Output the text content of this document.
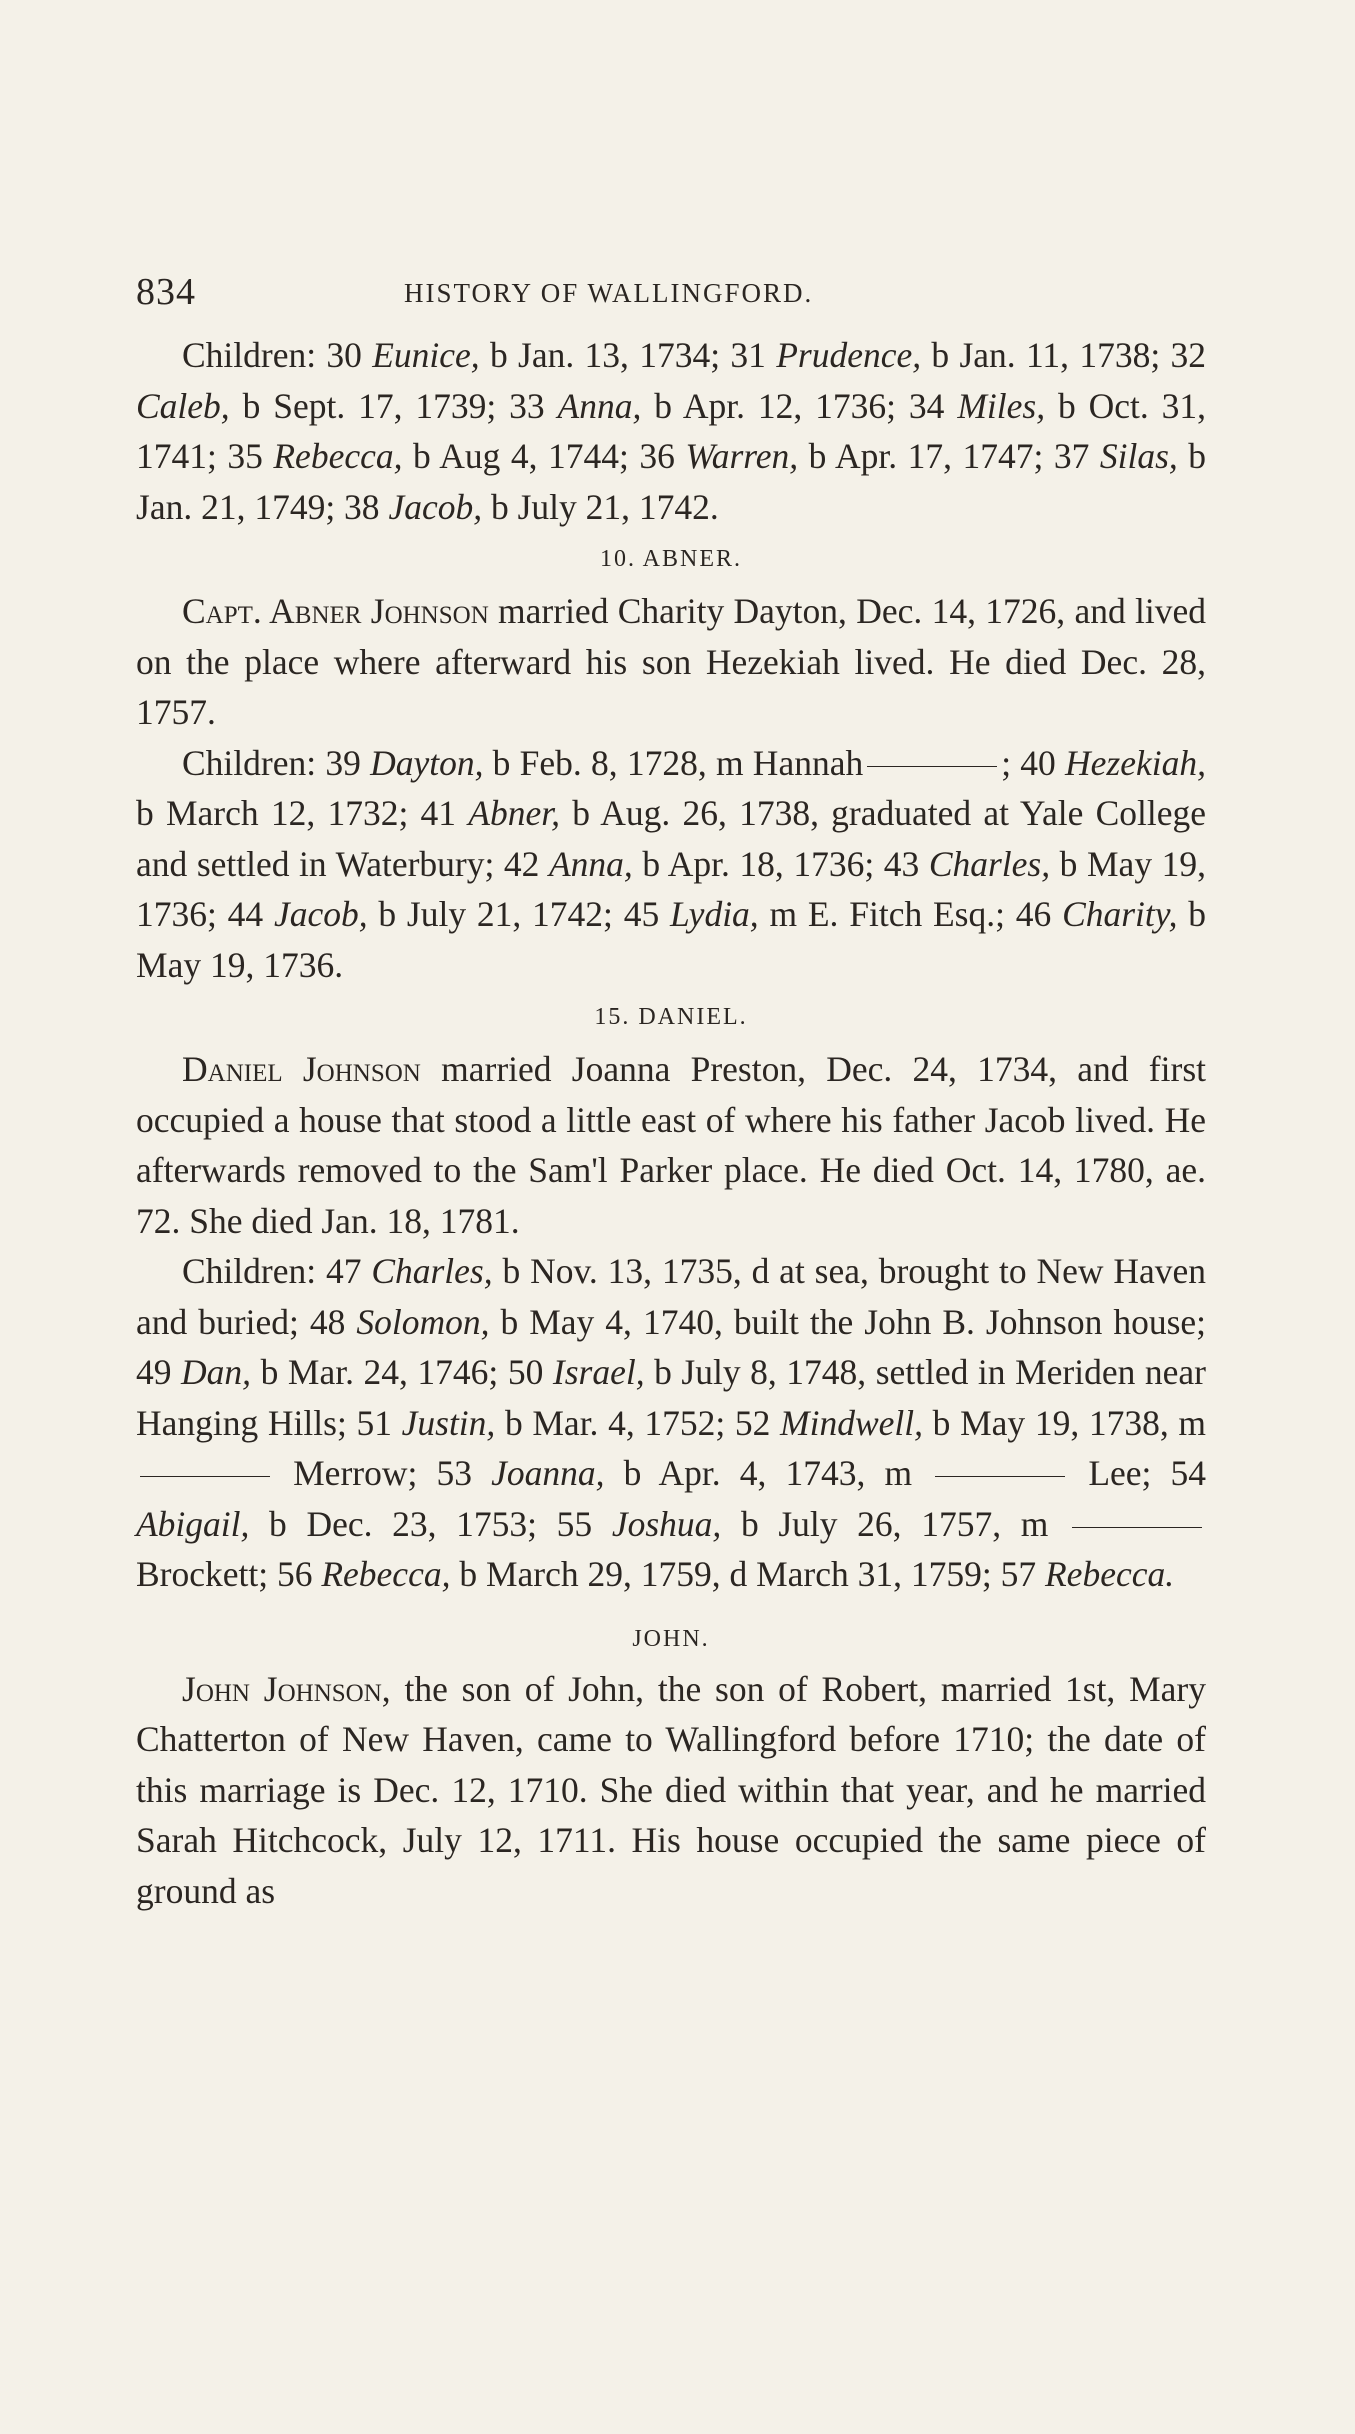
834	HISTORY OF WALLINGFORD.

Children: 30 Eunice, b Jan. 13, 1734; 31 Prudence, b Jan. 11, 1738; 32 Caleb, b Sept. 17, 1739; 33 Anna, b Apr. 12, 1736; 34 Miles, b Oct. 31, 1741; 35 Rebecca, b Aug 4, 1744; 36 Warren, b Apr. 17, 1747; 37 Silas, b Jan. 21, 1749; 38 Jacob, b July 21, 1742.

10. ABNER.

Capt. Abner Johnson married Charity Dayton, Dec. 14, 1726, and lived on the place where afterward his son Hezekiah lived. He died Dec. 28, 1757.

Children: 39 Dayton, b Feb. 8, 1728, m Hannah	; 40 Hezekiah, b March 12, 1732; 41 Abner, b Aug. 26, 1738, graduated at Yale College and settled in Waterbury; 42 Anna, b Apr. 18, 1736; 43 Charles, b May 19, 1736; 44 Jacob, b July 21, 1742; 45 Lydia, m E. Fitch Esq.; 46 Charity, b May 19, 1736.

15. DANIEL.

Daniel Johnson married Joanna Preston, Dec. 24, 1734, and first occupied a house that stood a little east of where his father Jacob lived. He afterwards removed to the Sam'l Parker place. He died Oct. 14, 1780, ae. 72. She died Jan. 18, 1781.

Children: 47 Charles, b Nov. 13, 1735, d at sea, brought to New Haven and buried; 48 Solomon, b May 4, 1740, built the John B. Johnson house; 49 Dan, b Mar. 24, 1746; 50 Israel, b July 8, 1748, settled in Meriden near Hanging Hills; 51 Justin, b Mar. 4, 1752; 52 Mindwell, b May 19, 1738, m  Merrow; 53 Joanna, b Apr. 4, 1743, m	Lee; 54 Abigail, b Dec. 23, 1753; 55 Joshua, b July 26, 1757, m  Brockett; 56 Rebecca, b March 29, 1759, d March 31, 1759; 57 Rebecca.

JOHN.

John Johnson, the son of John, the son of Robert, married 1st, Mary Chatterton of New Haven, came to Wallingford before 1710; the date of this marriage is Dec. 12, 1710. She died within that year, and he married Sarah Hitchcock, July 12, 1711. His house occupied the same piece of ground as
